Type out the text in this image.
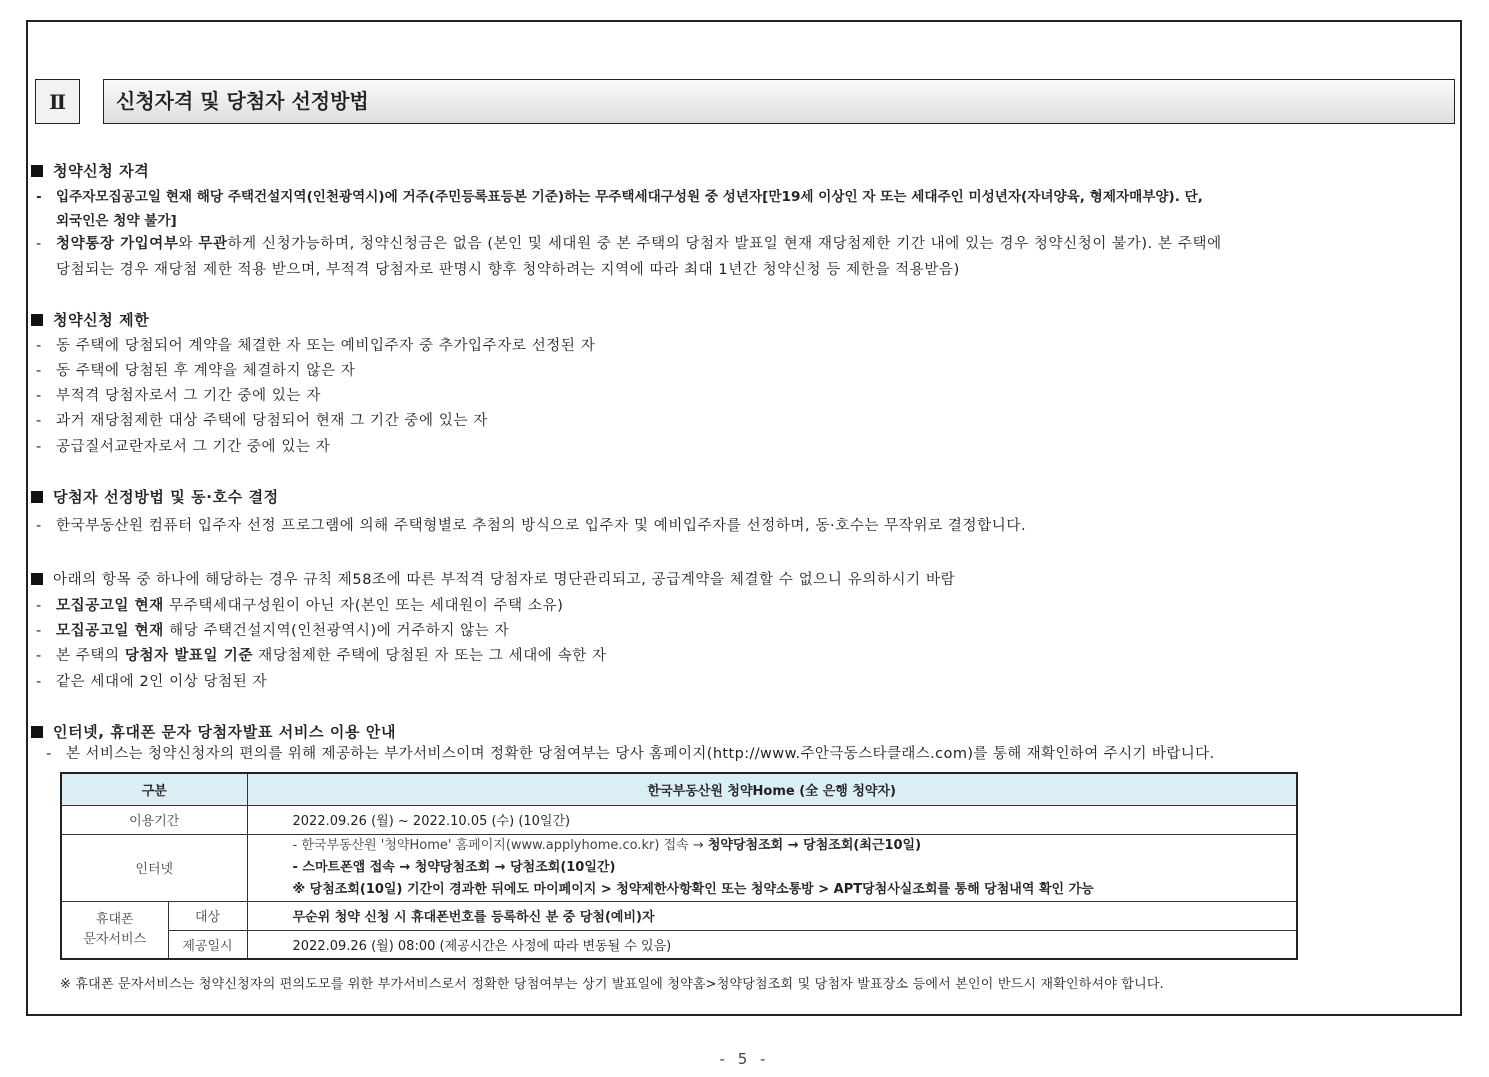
Ⅱ	신청자격 및 당첨자 선정방법
청약신청 자격
- 입주자모집공고일 현재 해당 주택건설지역(인천광역시)에 거주(주민등록표등본 기준)하는 무주택세대구성원 중 성년자[만19세 이상인 자 또는 세대주인 미성년자(자녀양육, 형제자매부양). 단,
외국인은 청약 불가]
- 청약통장 가입여부와 무관하게 신청가능하며, 청약신청금은 없음 (본인 및 세대원 중 본 주택의 당첨자 발표일 현재 재당첨제한 기간 내에 있는 경우 청약신청이 불가). 본 주택에
당첨되는 경우 재당첨 제한 적용 받으며, 부적격 당첨자로 판명시 향후 청약하려는 지역에 따라 최대 1년간 청약신청 등 제한을 적용받음)
청약신청 제한
- 동 주택에 당첨되어 계약을 체결한 자 또는 예비입주자 중 추가입주자로 선정된 자
- 동 주택에 당첨된 후 계약을 체결하지 않은 자
- 부적격 당첨자로서 그 기간 중에 있는 자
- 과거 재당첨제한 대상 주택에 당첨되어 현재 그 기간 중에 있는 자
- 공급질서교란자로서 그 기간 중에 있는 자
당첨자 선정방법 및 동·호수 결정
- 한국부동산원 컴퓨터 입주자 선정 프로그램에 의해 주택형별로 추첨의 방식으로 입주자 및 예비입주자를 선정하며, 동·호수는 무작위로 결정합니다.
아래의 항목 중 하나에 해당하는 경우 규칙 제58조에 따른 부적격 당첨자로 명단관리되고, 공급계약을 체결할 수 없으니 유의하시기 바람
- 모집공고일 현재 무주택세대구성원이 아닌 자(본인 또는 세대원이 주택 소유)
- 모집공고일 현재 해당 주택건설지역(인천광역시)에 거주하지 않는 자
- 본 주택의 당첨자 발표일 기준 재당첨제한 주택에 당첨된 자 또는 그 세대에 속한 자
- 같은 세대에 2인 이상 당첨된 자
인터넷, 휴대폰 문자 당첨자발표 서비스 이용 안내
- 본 서비스는 청약신청자의 편의를 위해 제공하는 부가서비스이며 정확한 당첨여부는 당사 홈페이지(http://www.주안극동스타클래스.com)를 통해 재확인하여 주시기 바랍니다.
구분		한국부동산원 청약Home (全 은행 청약자)
이용기간		2022.09.26 (월) ~ 2022.10.05 (수) (10일간)
인터넷		- 한국부동산원 '청약Home' 홈페이지(www.applyhome.co.kr) 접속 → 청약당첨조회 → 당첨조회(최근10일)
- 스마트폰앱 접속 → 청약당첨조회 → 당첨조회(10일간)
※ 당첨조회(10일) 기간이 경과한 뒤에도 마이페이지 > 청약제한사항확인 또는 청약소통방 > APT당첨사실조회를 통해 당첨내역 확인 가능

휴대폰
문자서비스	대상	무순위 청약 신청 시 휴대폰번호를 등록하신 분 중 당첨(예비)자
	제공일시	2022.09.26 (월) 08:00 (제공시간은 사정에 따라 변동될 수 있음)
※ 휴대폰 문자서비스는 청약신청자의 편의도모를 위한 부가서비스로서 정확한 당첨여부는 상기 발표일에 청약홈>청약당첨조회 및 당첨자 발표장소 등에서 본인이 반드시 재확인하셔야 합니다.
- 5 -
